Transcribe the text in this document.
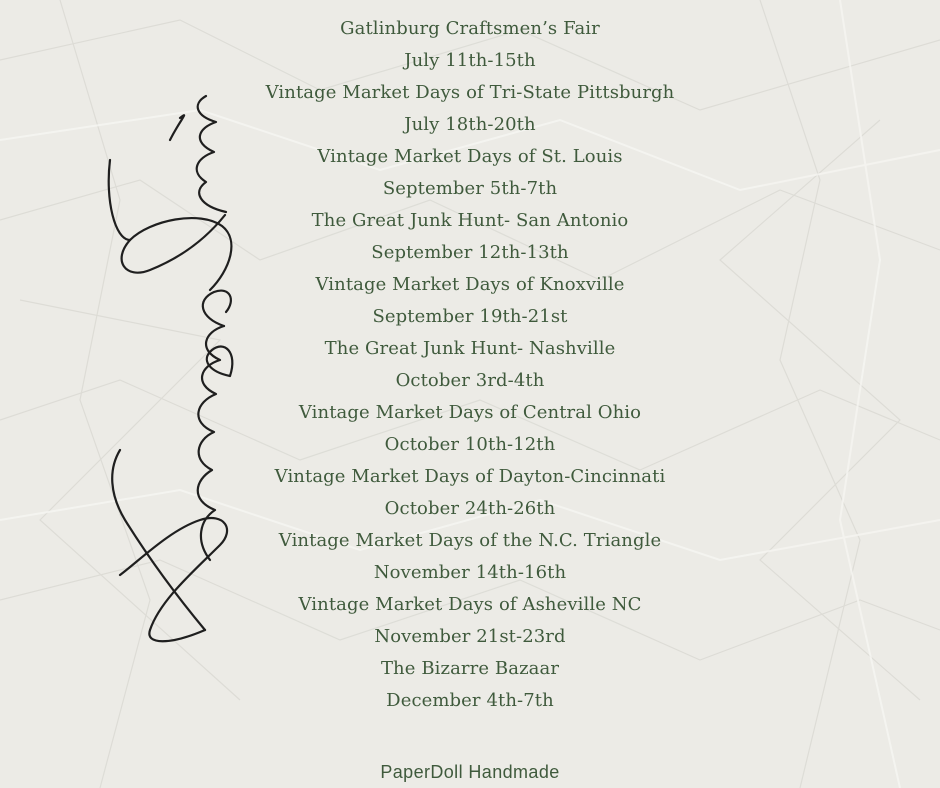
Gatlinburg Craftsmen’s Fair
July 11th-15th
Vintage Market Days of Tri-State Pittsburgh
July 18th-20th
Vintage Market Days of St. Louis
September 5th-7th
The Great Junk Hunt- San Antonio
September 12th-13th
Vintage Market Days of Knoxville
September 19th-21st
The Great Junk Hunt- Nashville
October 3rd-4th
Vintage Market Days of Central Ohio
October 10th-12th
Vintage Market Days of Dayton-Cincinnati
October 24th-26th
Vintage Market Days of the N.C. Triangle
November 14th-16th
Vintage Market Days of Asheville NC
November 21st-23rd
The Bizarre Bazaar
December 4th-7th
PaperDoll Handmade
